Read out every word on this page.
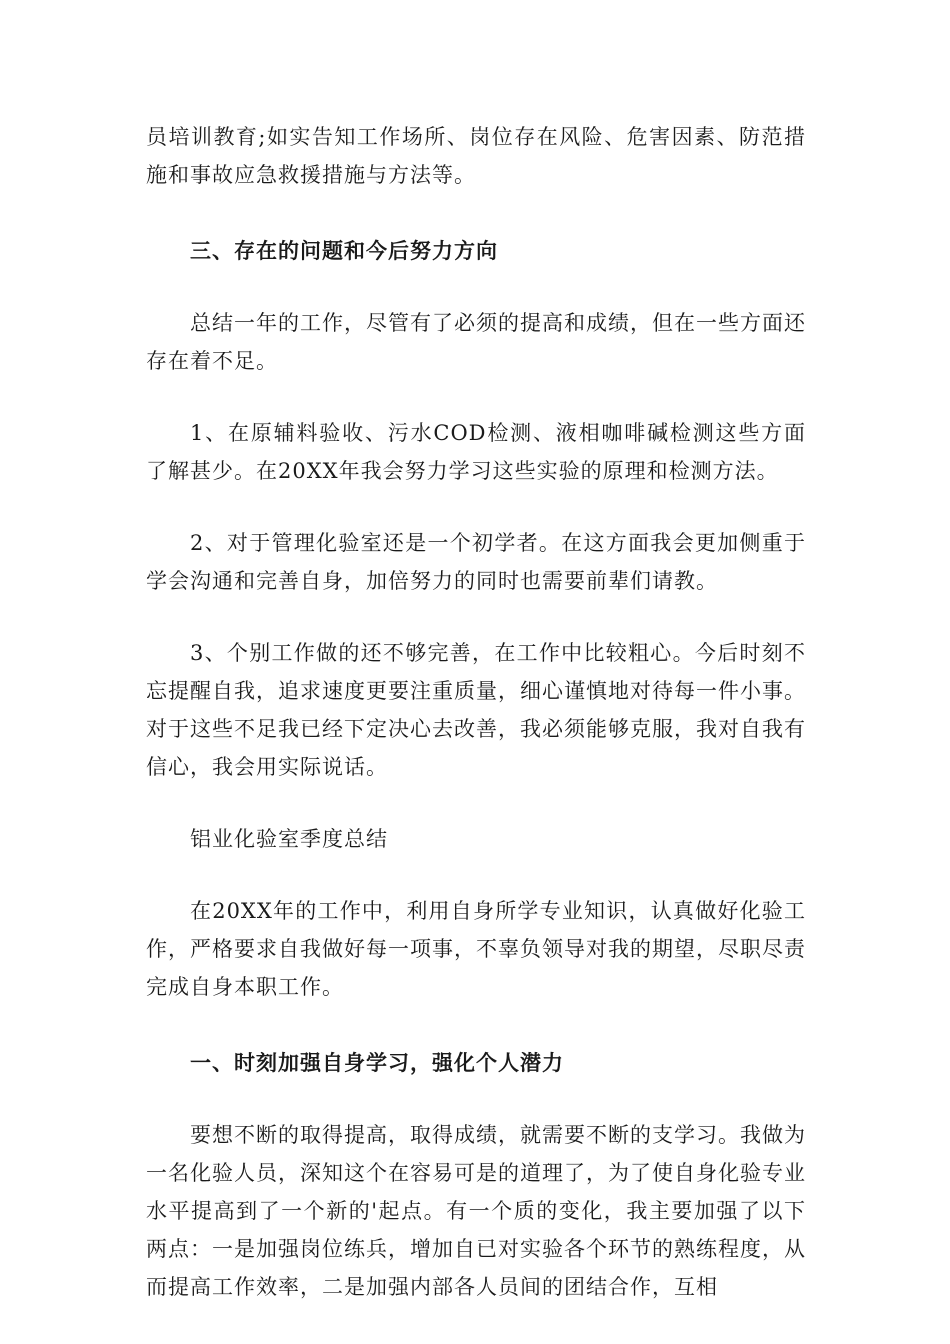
员培训教育;如实告知工作场所、岗位存在风险、危害因素、防范措施和事故应急救援措施与方法等。

三、存在的问题和今后努力方向

总结一年的工作，尽管有了必须的提高和成绩，但在一些方面还存在着不足。

1、在原辅料验收、污水COD检测、液相咖啡碱检测这些方面了解甚少。在20XX年我会努力学习这些实验的原理和检测方法。

2、对于管理化验室还是一个初学者。在这方面我会更加侧重于学会沟通和完善自身，加倍努力的同时也需要前辈们请教。

3、个别工作做的还不够完善，在工作中比较粗心。今后时刻不忘提醒自我，追求速度更要注重质量，细心谨慎地对待每一件小事。对于这些不足我已经下定决心去改善，我必须能够克服，我对自我有信心，我会用实际说话。

铝业化验室季度总结

在20XX年的工作中，利用自身所学专业知识，认真做好化验工作，严格要求自我做好每一项事，不辜负领导对我的期望，尽职尽责完成自身本职工作。

一、时刻加强自身学习，强化个人潜力

要想不断的取得提高，取得成绩，就需要不断的支学习。我做为一名化验人员，深知这个在容易可是的道理了，为了使自身化验专业水平提高到了一个新的'起点。有一个质的变化，我主要加强了以下两点：一是加强岗位练兵，增加自已对实验各个环节的熟练程度，从而提高工作效率，二是加强内部各人员间的团结合作，互相
